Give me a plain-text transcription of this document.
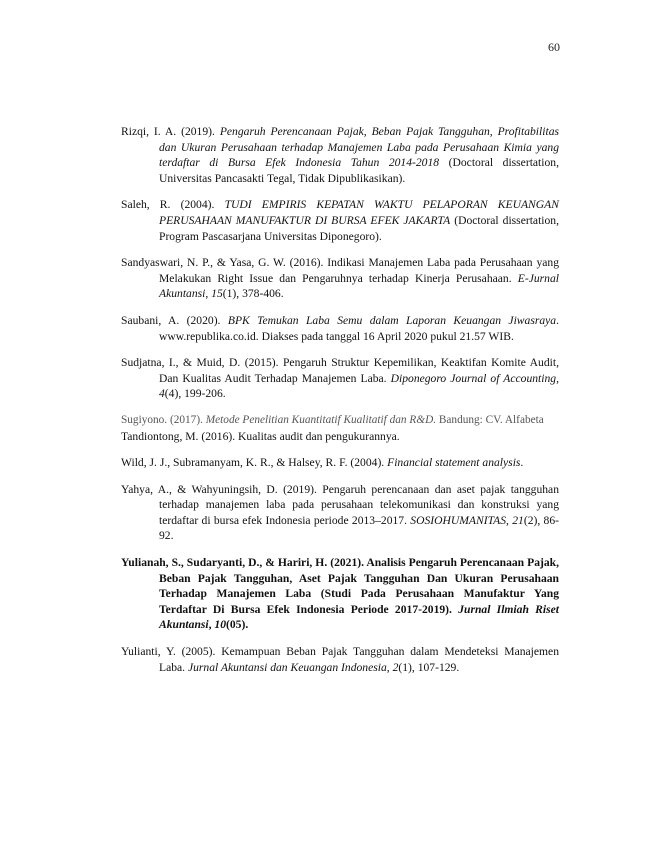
60

Rizqi, I. A. (2019). Pengaruh Perencanaan Pajak, Beban Pajak Tangguhan, Profitabilitas dan Ukuran Perusahaan terhadap Manajemen Laba pada Perusahaan Kimia yang terdaftar di Bursa Efek Indonesia Tahun 2014-2018 (Doctoral dissertation, Universitas Pancasakti Tegal, Tidak Dipublikasikan).

Saleh, R. (2004). TUDI EMPIRIS KEPATAN WAKTU PELAPORAN KEUANGAN PERUSAHAAN MANUFAKTUR DI BURSA EFEK JAKARTA (Doctoral dissertation, Program Pascasarjana Universitas Diponegoro).

Sandyaswari, N. P., & Yasa, G. W. (2016). Indikasi Manajemen Laba pada Perusahaan yang Melakukan Right Issue dan Pengaruhnya terhadap Kinerja Perusahaan. E-Jurnal Akuntansi, 15(1), 378-406.

Saubani, A. (2020). BPK Temukan Laba Semu dalam Laporan Keuangan Jiwasraya. www.republika.co.id. Diakses pada tanggal 16 April 2020 pukul 21.57 WIB.

Sudjatna, I., & Muid, D. (2015). Pengaruh Struktur Kepemilikan, Keaktifan Komite Audit, Dan Kualitas Audit Terhadap Manajemen Laba. Diponegoro Journal of Accounting, 4(4), 199-206.

Sugiyono. (2017). Metode Penelitian Kuantitatif Kualitatif dan R&D. Bandung: CV. Alfabeta

Tandiontong, M. (2016). Kualitas audit dan pengukurannya.

Wild, J. J., Subramanyam, K. R., & Halsey, R. F. (2004). Financial statement analysis.

Yahya, A., & Wahyuningsih, D. (2019). Pengaruh perencanaan dan aset pajak tangguhan terhadap manajemen laba pada perusahaan telekomunikasi dan konstruksi yang terdaftar di bursa efek Indonesia periode 2013–2017. SOSIOHUMANITAS, 21(2), 86-92.

Yulianah, S., Sudaryanti, D., & Hariri, H. (2021). Analisis Pengaruh Perencanaan Pajak, Beban Pajak Tangguhan, Aset Pajak Tangguhan Dan Ukuran Perusahaan Terhadap Manajemen Laba (Studi Pada Perusahaan Manufaktur Yang Terdaftar Di Bursa Efek Indonesia Periode 2017-2019). Jurnal Ilmiah Riset Akuntansi, 10(05).

Yulianti, Y. (2005). Kemampuan Beban Pajak Tangguhan dalam Mendeteksi Manajemen Laba. Jurnal Akuntansi dan Keuangan Indonesia, 2(1), 107-129.
